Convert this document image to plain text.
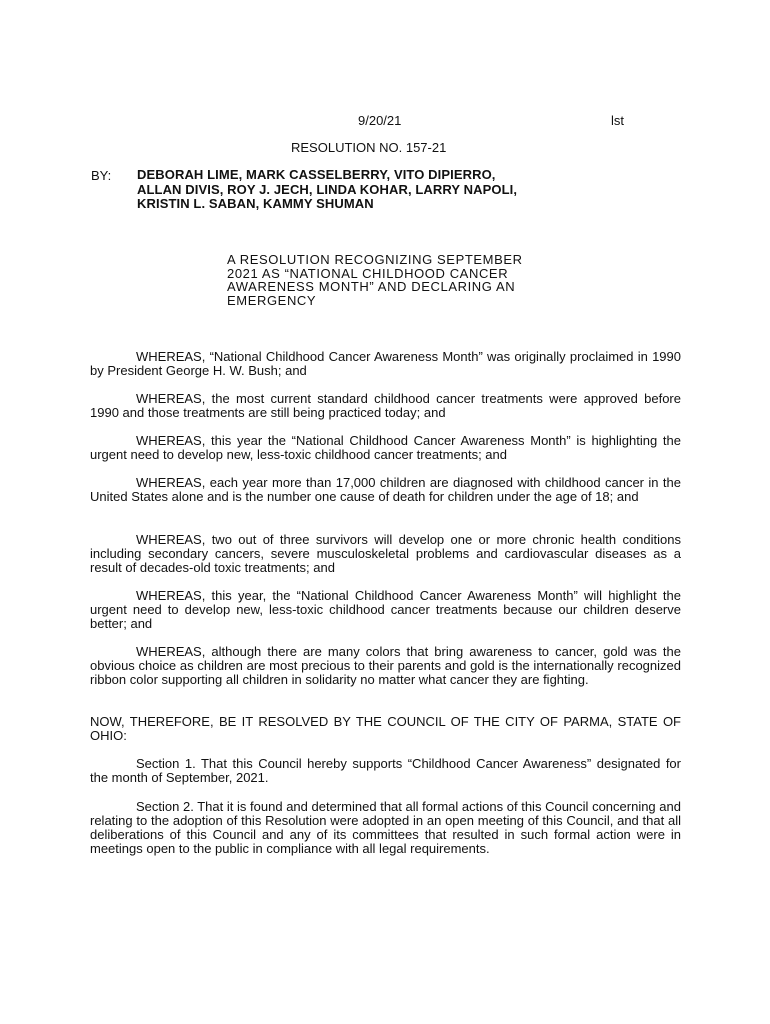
9/20/21	lst
RESOLUTION NO. 157-21
BY: DEBORAH LIME, MARK CASSELBERRY, VITO DIPIERRO,
ALLAN DIVIS, ROY J. JECH, LINDA KOHAR, LARRY NAPOLI,
KRISTIN L. SABAN, KAMMY SHUMAN
A RESOLUTION RECOGNIZING SEPTEMBER
2021 AS “NATIONAL CHILDHOOD CANCER
AWARENESS MONTH” AND DECLARING AN
EMERGENCY
WHEREAS, “National Childhood Cancer Awareness Month” was originally proclaimed in 1990 by President George H. W. Bush; and
WHEREAS, the most current standard childhood cancer treatments were approved before 1990 and those treatments are still being practiced today; and
WHEREAS, this year the “National Childhood Cancer Awareness Month” is highlighting the urgent need to develop new, less-toxic childhood cancer treatments; and
WHEREAS, each year more than 17,000 children are diagnosed with childhood cancer in the United States alone and is the number one cause of death for children under the age of 18; and
WHEREAS, two out of three survivors will develop one or more chronic health conditions including secondary cancers, severe musculoskeletal problems and cardiovascular diseases as a result of decades-old toxic treatments; and
WHEREAS, this year, the “National Childhood Cancer Awareness Month” will highlight the urgent need to develop new, less-toxic childhood cancer treatments because our children deserve better; and
WHEREAS, although there are many colors that bring awareness to cancer, gold was the obvious choice as children are most precious to their parents and gold is the internationally recognized ribbon color supporting all children in solidarity no matter what cancer they are fighting.
NOW, THEREFORE, BE IT RESOLVED BY THE COUNCIL OF THE CITY OF PARMA, STATE OF OHIO:
Section 1. That this Council hereby supports “Childhood Cancer Awareness” designated for the month of September, 2021.
Section 2. That it is found and determined that all formal actions of this Council concerning and relating to the adoption of this Resolution were adopted in an open meeting of this Council, and that all deliberations of this Council and any of its committees that resulted in such formal action were in meetings open to the public in compliance with all legal requirements.
